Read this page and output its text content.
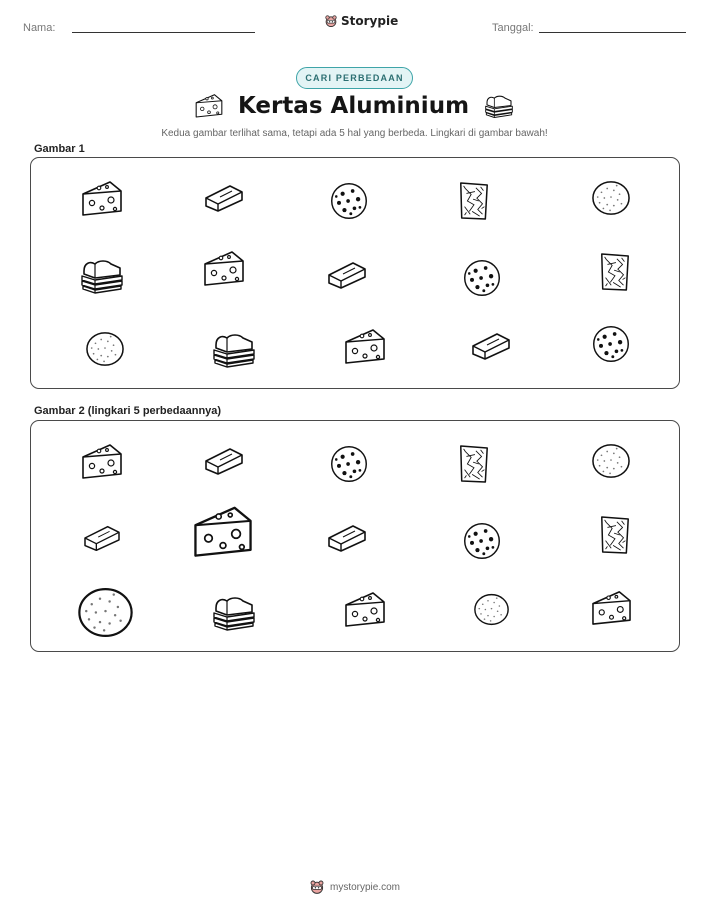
Nama:	Storypie	Tanggal:
CARI PERBEDAAN
Kertas Aluminium
Kedua gambar terlihat sama, tetapi ada 5 hal yang berbeda. Lingkari di gambar bawah!
Gambar 1
Gambar 2 (lingkari 5 perbedaannya)
mystorypie.com
